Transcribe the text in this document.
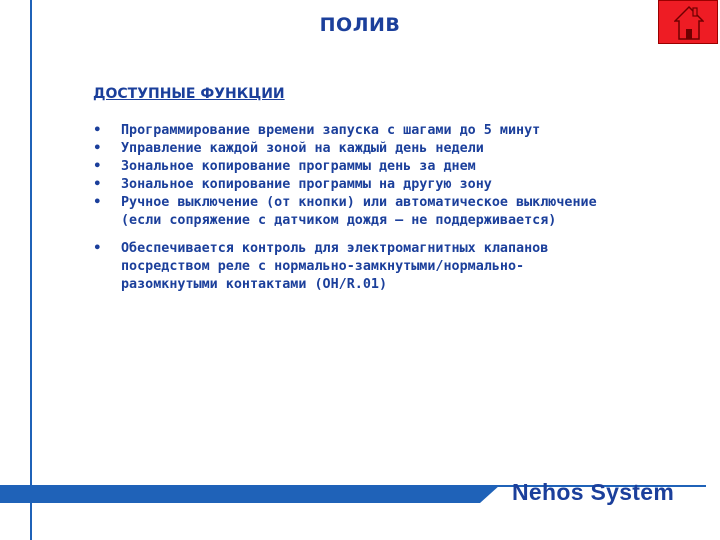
ПОЛИВ
ДОСТУПНЫЕ ФУНКЦИИ
• Программирование времени запуска с шагами до 5 минут
• Управление каждой зоной на каждый день недели
• Зональное копирование программы день за днем
• Зональное копирование программы на другую зону
• Ручное выключение (от кнопки) или автоматическое выключение (если сопряжение с датчиком дождя – не поддерживается)
• Обеспечивается контроль для электромагнитных клапанов посредством реле с нормально-замкнутыми/нормально-разомкнутыми контактами (ОН/R.01)
Nehos System
